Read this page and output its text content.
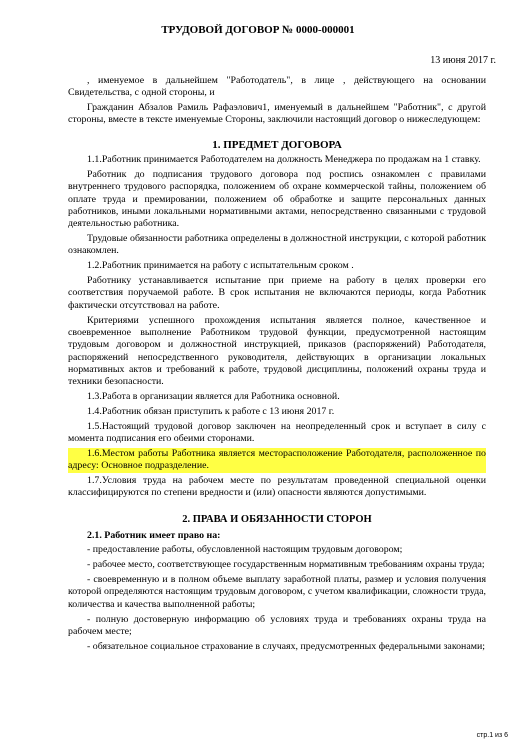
ТРУДОВОЙ ДОГОВОР № 0000-000001
13 июня 2017 г.

, именуемое в дальнейшем "Работодатель", в лице , действующего на основании Свидетельства, с одной стороны, и

Гражданин Абзалов Рамиль Рафаэлович1, именуемый в дальнейшем "Работник", с другой стороны, вместе в тексте именуемые Стороны, заключили настоящий договор о нижеследующем:

1. ПРЕДМЕТ ДОГОВОРА

1.1.Работник принимается Работодателем на должность Менеджера по продажам на 1 ставку.

Работник до подписания трудового договора под роспись ознакомлен с правилами внутреннего трудового распорядка, положением об охране коммерческой тайны, положением об оплате труда и премировании, положением об обработке и защите персональных данных работников, иными локальными нормативными актами, непосредственно связанными с трудовой деятельностью работника.

Трудовые обязанности работника определены в должностной инструкции, с которой работник ознакомлен.

1.2.Работник принимается на работу с испытательным сроком .

Работнику устанавливается испытание при приеме на работу в целях проверки его соответствия поручаемой работе. В срок испытания не включаются периоды, когда Работник фактически отсутствовал на работе.

Критериями успешного прохождения испытания является полное, качественное и своевременное выполнение Работником трудовой функции, предусмотренной настоящим трудовым договором и должностной инструкцией, приказов (распоряжений) Работодателя, распоряжений непосредственного руководителя, действующих в организации локальных нормативных актов и требований к работе, трудовой дисциплины, положений охраны труда и техники безопасности.

1.3.Работа в организации является для Работника основной.

1.4.Работник обязан приступить к работе с 13 июня 2017 г.

1.5.Настоящий трудовой договор заключен на неопределенный срок и вступает в силу с момента подписания его обеими сторонами.

1.6.Местом работы Работника является месторасположение Работодателя, расположенное по адресу: Основное подразделение.

1.7.Условия труда на рабочем месте по результатам проведенной специальной оценки классифицируются по степени вредности и (или) опасности являются допустимыми.

2. ПРАВА И ОБЯЗАННОСТИ СТОРОН
2.1. Работник имеет право на:

- предоставление работы, обусловленной настоящим трудовым договором;

- рабочее место, соответствующее государственным нормативным требованиям охраны труда;

- своевременную и в полном объеме выплату заработной платы, размер и условия получения которой определяются настоящим трудовым договором, с учетом квалификации, сложности труда, количества и качества выполненной работы;

- полную достоверную информацию об условиях труда и требованиях охраны труда на рабочем месте;

- обязательное социальное страхование в случаях, предусмотренных федеральными законами;

стр.1 из 6
